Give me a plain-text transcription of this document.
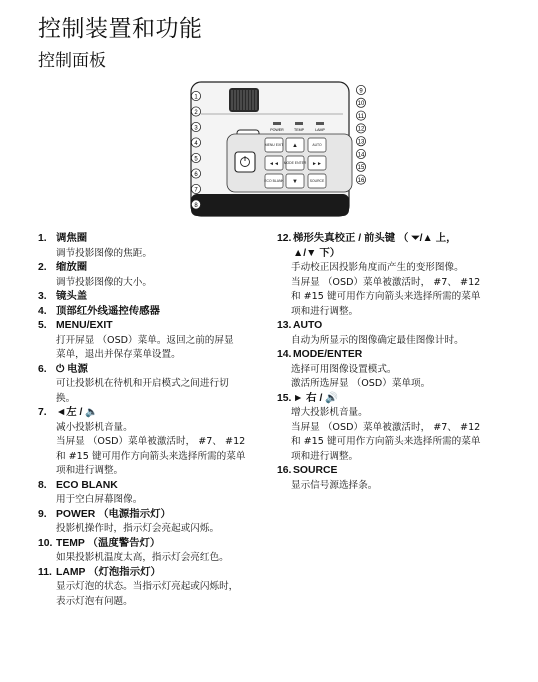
控制装置和功能
控制面板
POWER	TEMP	LAMP
MENU EXIT ▲	AUTO
◄◄ MODE ENTER ►►
ECO BLANK ▼	SOURCE
1
2
3
4
5
6
7
8
9
10
11
12
13
14
15
16
1. 调焦圈
调节投影图像的焦距。
2. 缩放圈
调节投影图像的大小。
3. 镜头盖
4. 顶部红外线遥控传感器
5. MENU/EXIT
打开屏显 （OSD）菜单。返回之前的屏显
菜单，退出并保存菜单设置。
6. ⏻ 电源
可让投影机在待机和开启模式之间进行切
换。
7. ◄左 / 🔈
减小投影机音量。
当屏显 （OSD）菜单被激活时， #7、 #12
和 #15 键可用作方向箭头来选择所需的菜单
项和进行调整。
8. ECO BLANK
用于空白屏幕图像。
9. POWER （电源指示灯）
投影机操作时，指示灯会亮起或闪烁。
10. TEMP （温度警告灯）
如果投影机温度太高，指示灯会亮红色。
11. LAMP （灯泡指示灯）
显示灯泡的状态。当指示灯亮起或闪烁时，
表示灯泡有问题。
12. 梯形失真校正 / 前头键 （ ⏷/▲ 上，
▲/▼ 下）
手动校正因投影角度而产生的变形图像。
当屏显 （OSD）菜单被激活时， #7、 #12
和 #15 键可用作方向箭头来选择所需的菜单
项和进行调整。
13. AUTO
自动为所显示的图像确定最佳图像计时。
14. MODE/ENTER
选择可用图像设置模式。
激活所选屏显 （OSD）菜单项。
15. ► 右 / 🔊
增大投影机音量。
当屏显 （OSD）菜单被激活时， #7、 #12
和 #15 键可用作方向箭头来选择所需的菜单
项和进行调整。
16. SOURCE
显示信号源选择条。
